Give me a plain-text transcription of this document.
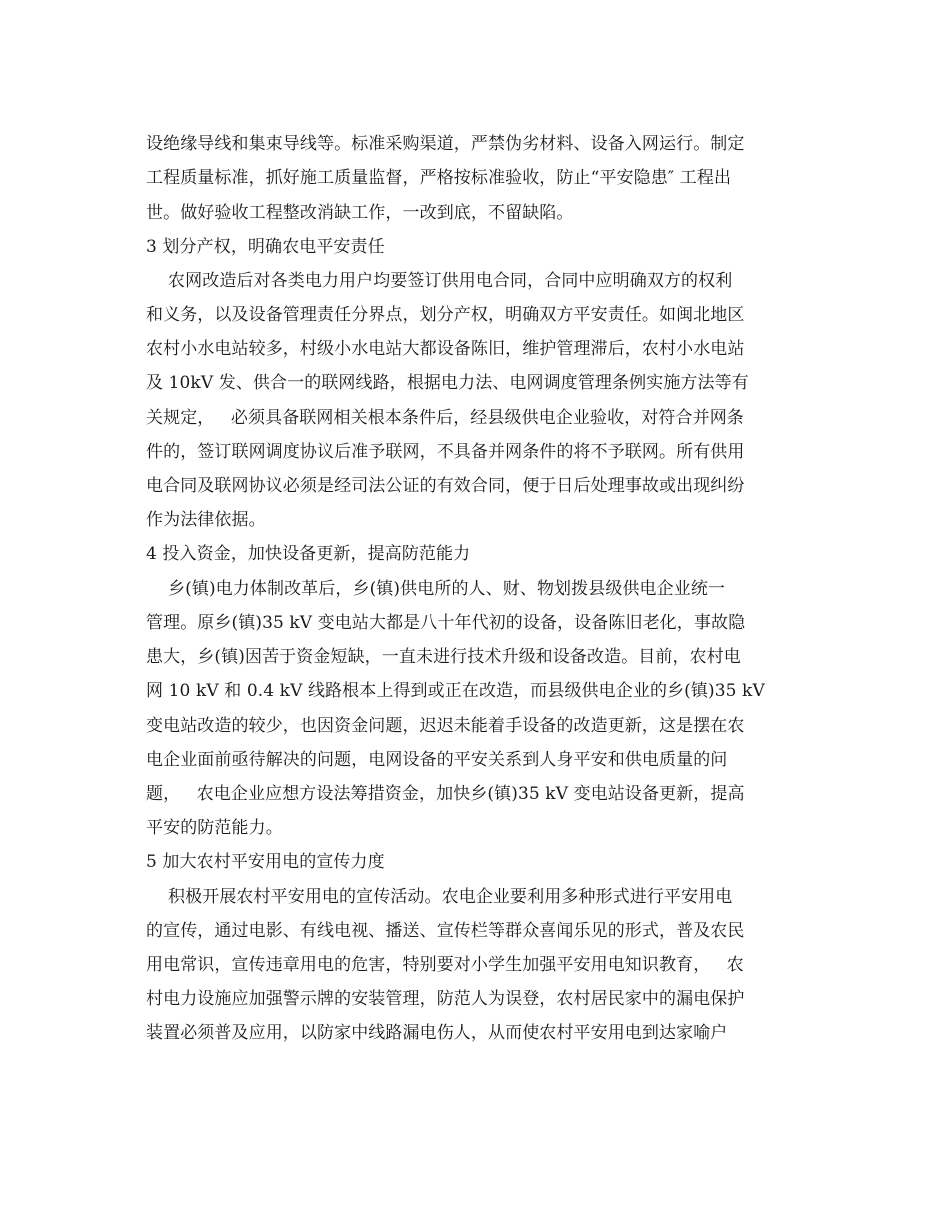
设绝缘导线和集束导线等。标准采购渠道，严禁伪劣材料、设备入网运行。制定
工程质量标准，抓好施工质量监督，严格按标准验收，防止“平安隐患″ 工程出
世。做好验收工程整改消缺工作，一改到底，不留缺陷。
3 划分产权，明确农电平安责任
农网改造后对各类电力用户均要签订供用电合同，合同中应明确双方的权利
和义务，以及设备管理责任分界点，划分产权，明确双方平安责任。如闽北地区
农村小水电站较多，村级小水电站大都设备陈旧，维护管理滞后，农村小水电站
及 10kV 发、供合一的联网线路，根据电力法、电网调度管理条例实施方法等有
关规定，   必须具备联网相关根本条件后，经县级供电企业验收，对符合并网条
件的，签订联网调度协议后准予联网，不具备并网条件的将不予联网。所有供用
电合同及联网协议必须是经司法公证的有效合同，便于日后处理事故或出现纠纷
作为法律依据。
4 投入资金，加快设备更新，提高防范能力
乡(镇)电力体制改革后，乡(镇)供电所的人、财、物划拨县级供电企业统一
管理。原乡(镇)35 kV 变电站大都是八十年代初的设备，设备陈旧老化，事故隐
患大，乡(镇)因苦于资金短缺，一直未进行技术升级和设备改造。目前，农村电
网 10 kV 和 0.4 kV 线路根本上得到或正在改造，而县级供电企业的乡(镇)35 kV
变电站改造的较少，也因资金问题，迟迟未能着手设备的改造更新，这是摆在农
电企业面前亟待解决的问题，电网设备的平安关系到人身平安和供电质量的问
题，   农电企业应想方设法筹措资金，加快乡(镇)35 kV 变电站设备更新，提高
平安的防范能力。
5 加大农村平安用电的宣传力度
积极开展农村平安用电的宣传活动。农电企业要利用多种形式进行平安用电
的宣传，通过电影、有线电视、播送、宣传栏等群众喜闻乐见的形式，普及农民
用电常识，宣传违章用电的危害，特别要对小学生加强平安用电知识教育，   农
村电力设施应加强警示牌的安装管理，防范人为误登，农村居民家中的漏电保护
装置必须普及应用，以防家中线路漏电伤人，从而使农村平安用电到达家喻户
